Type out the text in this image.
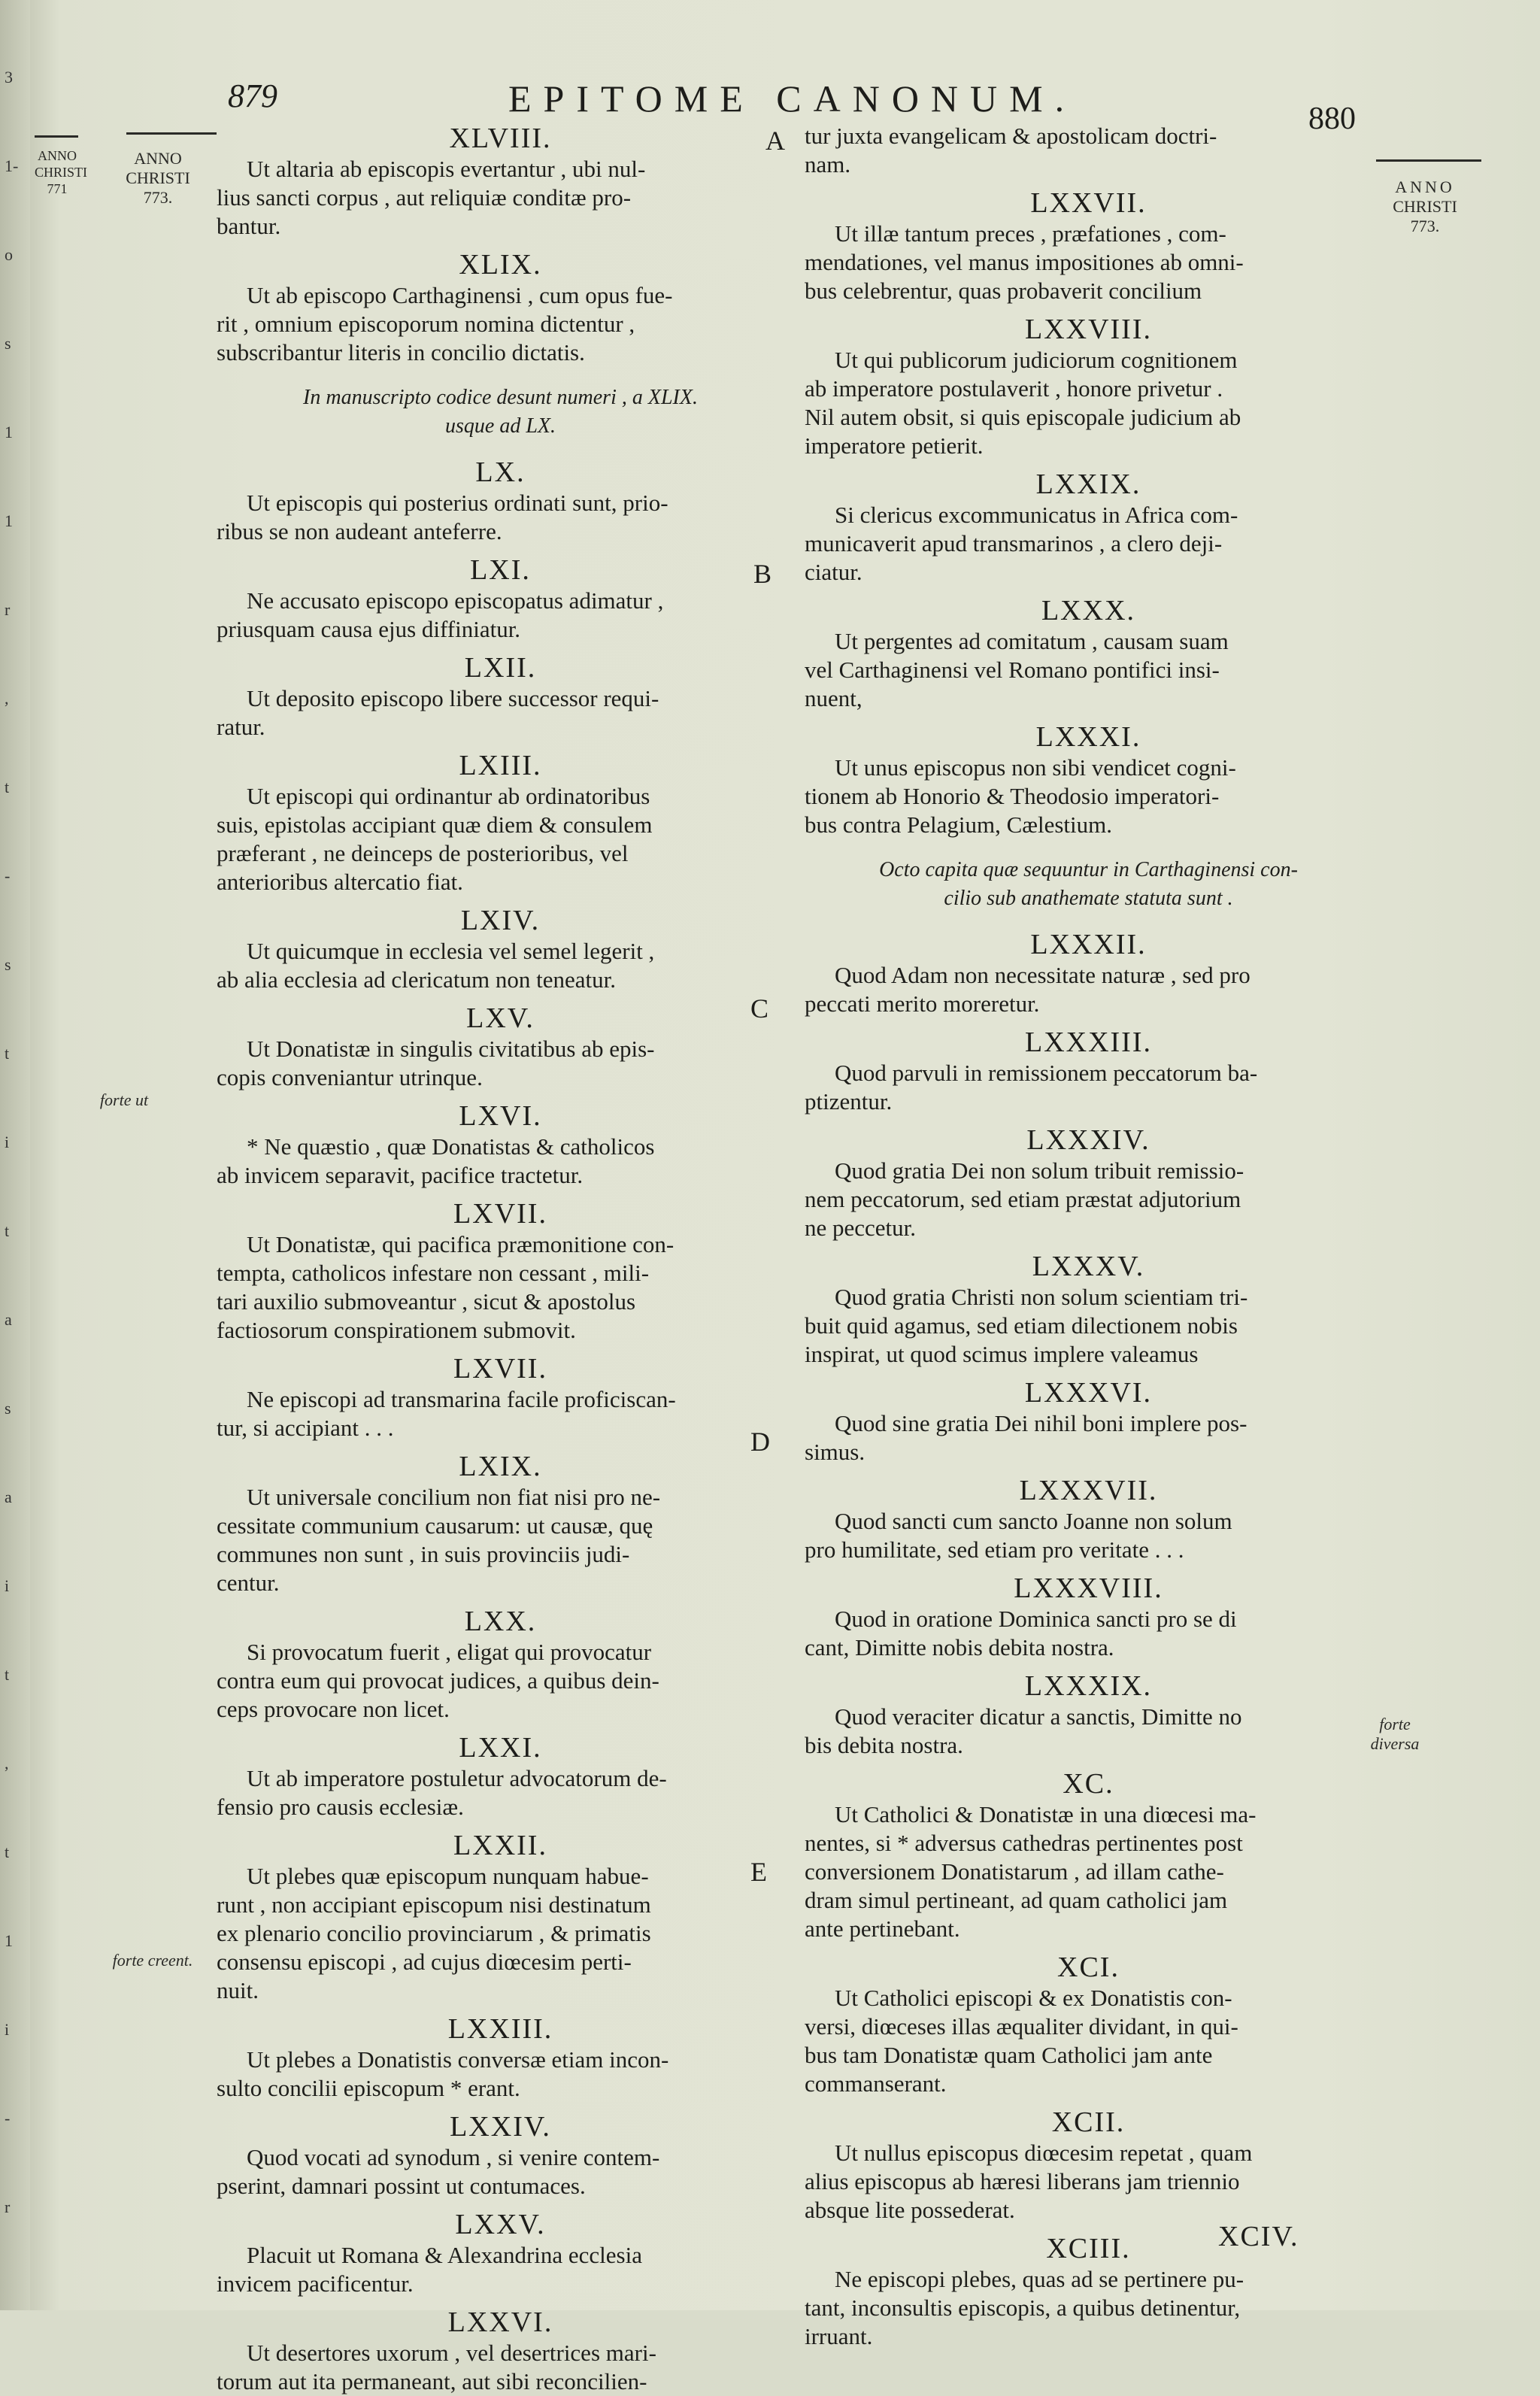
3
1-
o
s
1
1
r
,
t
-
s
t
i
t
a
s
a
i
t
,
t
1
i
-
r
879	EPITOME CANONUM.	880
ANNO
CHRISTI
771
ANNO
CHRISTI
773.
ANNO
CHRISTI
773.
forte ut
forte creent.
forte
diversa
A
B
C
D
E
XLVIII.
Ut altaria ab episcopis evertantur , ubi nul-
lius sancti corpus , aut reliquiæ conditæ pro-
bantur.
XLIX.
Ut ab episcopo Carthaginensi , cum opus fue-
rit , omnium episcoporum nomina dictentur ,
subscribantur literis in concilio dictatis.
In manuscripto codice desunt numeri , a XLIX.
usque ad LX.
LX.
Ut episcopis qui posterius ordinati sunt, prio-
ribus se non audeant anteferre.
LXI.
Ne accusato episcopo episcopatus adimatur ,
priusquam causa ejus diffiniatur.
LXII.
Ut deposito episcopo libere successor requi-
ratur.
LXIII.
Ut episcopi qui ordinantur ab ordinatoribus
suis, epistolas accipiant quæ diem & consulem
præferant , ne deinceps de posterioribus, vel
anterioribus altercatio fiat.
LXIV.
Ut quicumque in ecclesia vel semel legerit ,
ab alia ecclesia ad clericatum non teneatur.
LXV.
Ut Donatistæ in singulis civitatibus ab epis-
copis conveniantur utrinque.
LXVI.
* Ne quæstio , quæ Donatistas & catholicos
ab invicem separavit, pacifice tractetur.
LXVII.
Ut Donatistæ, qui pacifica præmonitione con-
tempta, catholicos infestare non cessant , mili-
tari auxilio submoveantur , sicut & apostolus
factiosorum conspirationem submovit.
LXVII.
Ne episcopi ad transmarina facile proficiscan-
tur, si accipiant . . .
LXIX.
Ut universale concilium non fiat nisi pro ne-
cessitate communium causarum: ut causæ, quę
communes non sunt , in suis provinciis judi-
centur.
LXX.
Si provocatum fuerit , eligat qui provocatur
contra eum qui provocat judices, a quibus dein-
ceps provocare non licet.
LXXI.
Ut ab imperatore postuletur advocatorum de-
fensio pro causis ecclesiæ.
LXXII.
Ut plebes quæ episcopum nunquam habue-
runt , non accipiant episcopum nisi destinatum
ex plenario concilio provinciarum , & primatis
consensu episcopi , ad cujus diœcesim perti-
nuit.
LXXIII.
Ut plebes a Donatistis conversæ etiam incon-
sulto concilii episcopum * erant.
LXXIV.
Quod vocati ad synodum , si venire contem-
pserint, damnari possint ut contumaces.
LXXV.
Placuit ut Romana & Alexandrina ecclesia
invicem pacificentur.
LXXVI.
Ut desertores uxorum , vel desertrices mari-
torum aut ita permaneant, aut sibi reconcilien-
tur juxta evangelicam & apostolicam doctri-
nam.
LXXVII.
Ut illæ tantum preces , præfationes , com-
mendationes, vel manus impositiones ab omni-
bus celebrentur, quas probaverit concilium
LXXVIII.
Ut qui publicorum judiciorum cognitionem
ab imperatore postulaverit , honore privetur .
Nil autem obsit, si quis episcopale judicium ab
imperatore petierit.
LXXIX.
Si clericus excommunicatus in Africa com-
municaverit apud transmarinos , a clero deji-
ciatur.
LXXX.
Ut pergentes ad comitatum , causam suam
vel Carthaginensi vel Romano pontifici insi-
nuent,
LXXXI.
Ut unus episcopus non sibi vendicet cogni-
tionem ab Honorio & Theodosio imperatori-
bus contra Pelagium, Cælestium.
Octo capita quæ sequuntur in Carthaginensi con-
cilio sub anathemate statuta sunt .
LXXXII.
Quod Adam non necessitate naturæ , sed pro
peccati merito moreretur.
LXXXIII.
Quod parvuli in remissionem peccatorum ba-
ptizentur.
LXXXIV.
Quod gratia Dei non solum tribuit remissio-
nem peccatorum, sed etiam præstat adjutorium
ne peccetur.
LXXXV.
Quod gratia Christi non solum scientiam tri-
buit quid agamus, sed etiam dilectionem nobis
inspirat, ut quod scimus implere valeamus
LXXXVI.
Quod sine gratia Dei nihil boni implere pos-
simus.
LXXXVII.
Quod sancti cum sancto Joanne non solum
pro humilitate, sed etiam pro veritate . . .
LXXXVIII.
Quod in oratione Dominica sancti pro se di
cant, Dimitte nobis debita nostra.
LXXXIX.
Quod veraciter dicatur a sanctis, Dimitte no
bis debita nostra.
XC.
Ut Catholici & Donatistæ in una diœcesi ma-
nentes, si * adversus cathedras pertinentes post
conversionem Donatistarum , ad illam cathe-
dram simul pertineant, ad quam catholici jam
ante pertinebant.
XCI.
Ut Catholici episcopi & ex Donatistis con-
versi, diœceses illas æqualiter dividant, in qui-
bus tam Donatistæ quam Catholici jam ante
commanserant.
XCII.
Ut nullus episcopus diœcesim repetat , quam
alius episcopus ab hæresi liberans jam triennio
absque lite possederat.
XCIII.
Ne episcopi plebes, quas ad se pertinere pu-
tant, inconsultis episcopis, a quibus detinentur,
irruant.
XCIV.
